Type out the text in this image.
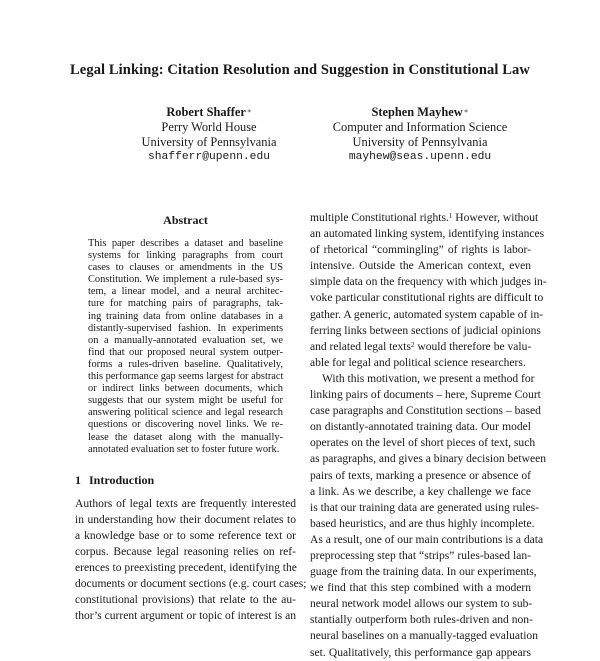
Legal Linking: Citation Resolution and Suggestion in Constitutional Law
Robert Shaffer∗
Perry World House
University of Pennsylvania
shafferr@upenn.edu
Stephen Mayhew∗
Computer and Information Science
University of Pennsylvania
mayhew@seas.upenn.edu
Abstract
This paper describes a dataset and baseline
systems for linking paragraphs from court
cases to clauses or amendments in the US
Constitution. We implement a rule-based sys-
tem, a linear model, and a neural architec-
ture for matching pairs of paragraphs, tak-
ing training data from online databases in a
distantly-supervised fashion. In experiments
on a manually-annotated evaluation set, we
find that our proposed neural system outper-
forms a rules-driven baseline. Qualitatively,
this performance gap seems largest for abstract
or indirect links between documents, which
suggests that our system might be useful for
answering political science and legal research
questions or discovering novel links. We re-
lease the dataset along with the manually-
annotated evaluation set to foster future work.
1 Introduction
Authors of legal texts are frequently interested
in understanding how their document relates to
a knowledge base or to some reference text or
corpus. Because legal reasoning relies on ref-
erences to preexisting precedent, identifying the
documents or document sections (e.g. court cases;
constitutional provisions) that relate to the au-
thor’s current argument or topic of interest is an
multiple Constitutional rights.$^1$ However, without
an automated linking system, identifying instances
of rhetorical “commingling” of rights is labor-
intensive. Outside the American context, even
simple data on the frequency with which judges in-
voke particular constitutional rights are difficult to
gather. A generic, automated system capable of in-
ferring links between sections of judicial opinions
and related legal texts$^2$ would therefore be valu-
able for legal and political science researchers.
With this motivation, we present a method for
linking pairs of documents – here, Supreme Court
case paragraphs and Constitution sections – based
on distantly-annotated training data. Our model
operates on the level of short pieces of text, such
as paragraphs, and gives a binary decision between
pairs of texts, marking a presence or absence of
a link. As we describe, a key challenge we face
is that our training data are generated using rules-
based heuristics, and are thus highly incomplete.
As a result, one of our main contributions is a data
preprocessing step that “strips” rules-based lan-
guage from the training data. In our experiments,
we find that this step combined with a modern
neural network model allows our system to sub-
stantially outperform both rules-driven and non-
neural baselines on a manually-tagged evaluation
set. Qualitatively, this performance gap appears
